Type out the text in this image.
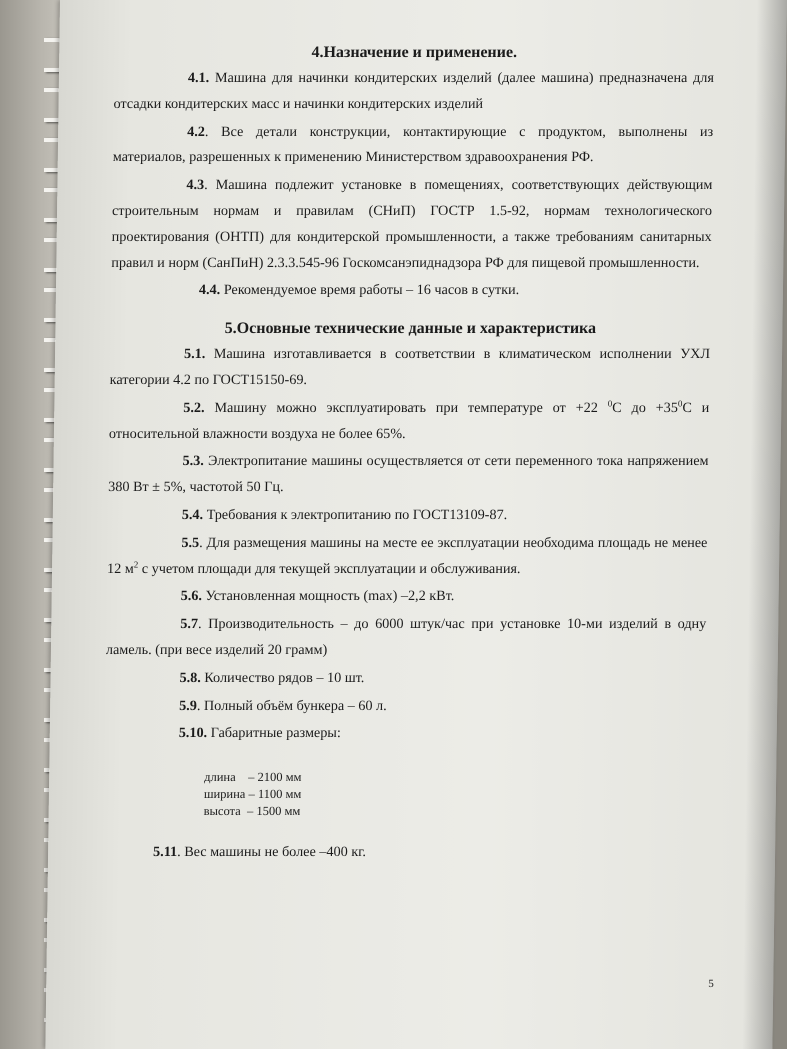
4.Назначение и применение.

4.1. Машина для начинки кондитерских изделий (далее машина) предназначена для отсадки кондитерских масс и начинки кондитерских изделий

4.2. Все детали конструкции, контактирующие с продуктом, выполнены из материалов, разрешенных к применению Министерством здравоохранения РФ.

4.3. Машина подлежит установке в помещениях, соответствующих действующим строительным нормам и правилам (СНиП) ГОСТР 1.5-92, нормам технологического проектирования (ОНТП) для кондитерской промышленности, а также требованиям санитарных правил и норм (СанПиН) 2.3.3.545-96 Госкомсанэпиднадзора РФ для пищевой промышленности.

4.4. Рекомендуемое время работы – 16 часов в сутки.

5.Основные технические данные и характеристика

5.1. Машина изготавливается в соответствии в климатическом исполнении УХЛ категории 4.2 по ГОСТ15150-69.

5.2. Машину можно эксплуатировать при температуре от +22 $^0$С до $+35^0С$ и относительной влажности воздуха не более 65%.

5.3. Электропитание машины осуществляется от сети переменного тока напряжением 380 Вт ± 5%, частотой 50 Гц.

5.4. Требования к электропитанию по ГОСТ13109-87.

5.5. Для размещения машины на месте ее эксплуатации необходима площадь не менее 12 $м^2$ с учетом площади для текущей эксплуатации и обслуживания.

5.6. Установленная мощность (max) –2,2 кВт.

5.7. Производительность – до 6000 штук/час при установке 10-ми изделий в одну ламель. (при весе изделий 20 грамм)

5.8. Количество рядов – 10 шт.

5.9. Полный объём бункера – 60 л.

5.10. Габаритные размеры:

длина    – 2100 мм
ширина – 1100 мм
высота  – 1500 мм

5.11. Вес машины не более –400 кг.

5
